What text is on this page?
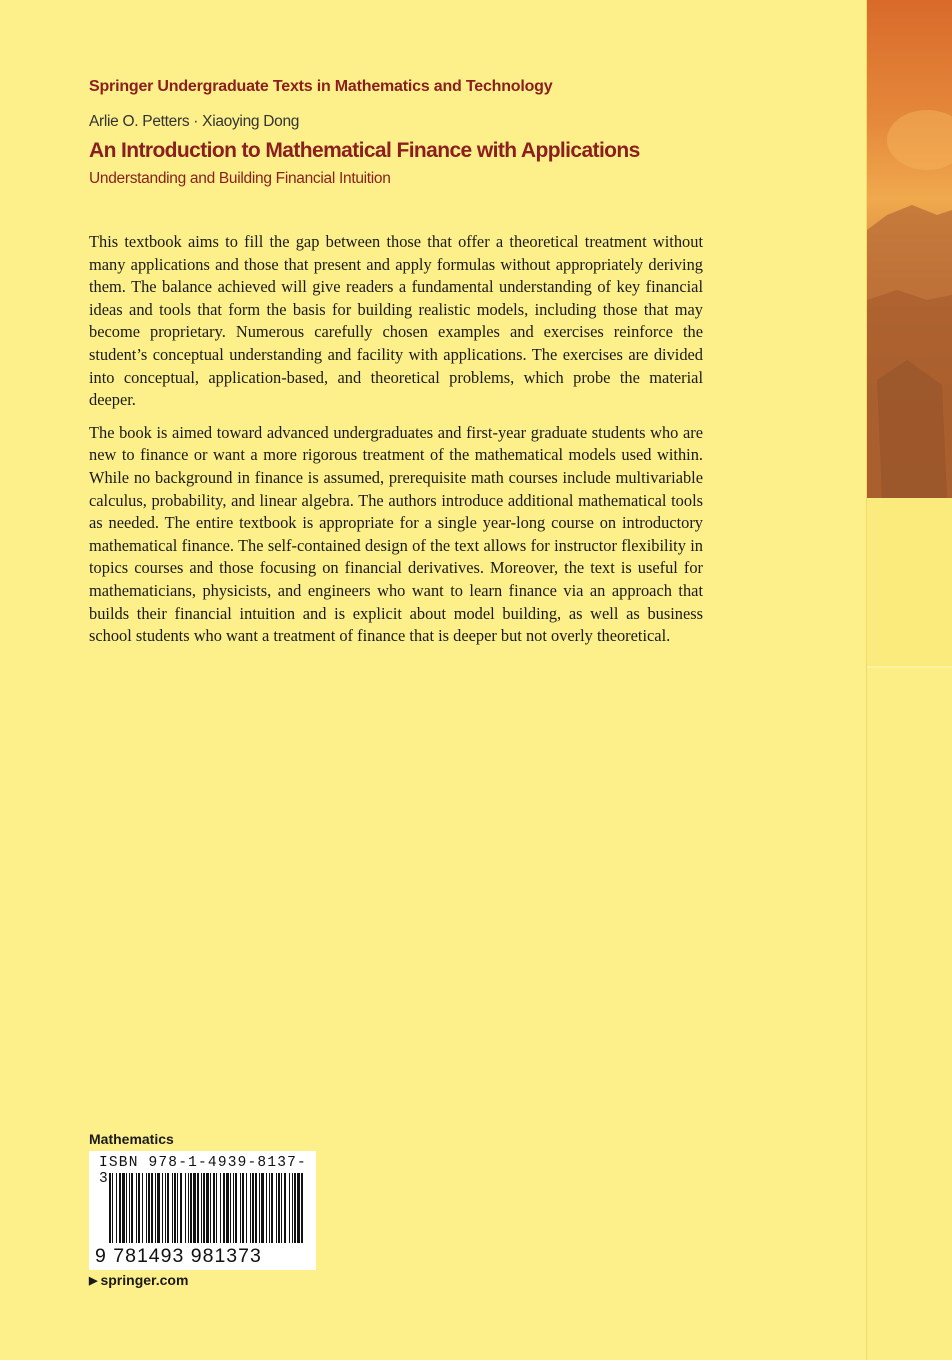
Springer Undergraduate Texts in Mathematics and Technology
Arlie O. Petters · Xiaoying Dong
An Introduction to Mathematical Finance with Applications
Understanding and Building Financial Intuition

This textbook aims to fill the gap between those that offer a theoretical treatment without many applications and those that present and apply formulas without appropriately deriving them. The balance achieved will give readers a fundamental understanding of key financial ideas and tools that form the basis for building realistic models, including those that may become proprietary. Numerous carefully chosen examples and exercises reinforce the student’s conceptual understanding and facility with applications. The exercises are divided into conceptual, application-based, and theoretical problems, which probe the material deeper.

The book is aimed toward advanced undergraduates and first-year graduate students who are new to finance or want a more rigorous treatment of the mathematical models used within. While no background in finance is assumed, prerequisite math courses include multivariable calculus, probability, and linear algebra. The authors introduce additional mathematical tools as needed. The entire textbook is appropriate for a single year-long course on introductory mathematical finance. The self-contained design of the text allows for instructor flexibility in topics courses and those focusing on financial derivatives. Moreover, the text is useful for mathematicians, physicists, and engineers who want to learn finance via an approach that builds their financial intuition and is explicit about model building, as well as business school students who want a treatment of finance that is deeper but not overly theoretical.

Mathematics
ISBN 978-1-4939-8137-3
9 781493 981373
▶ springer.com
